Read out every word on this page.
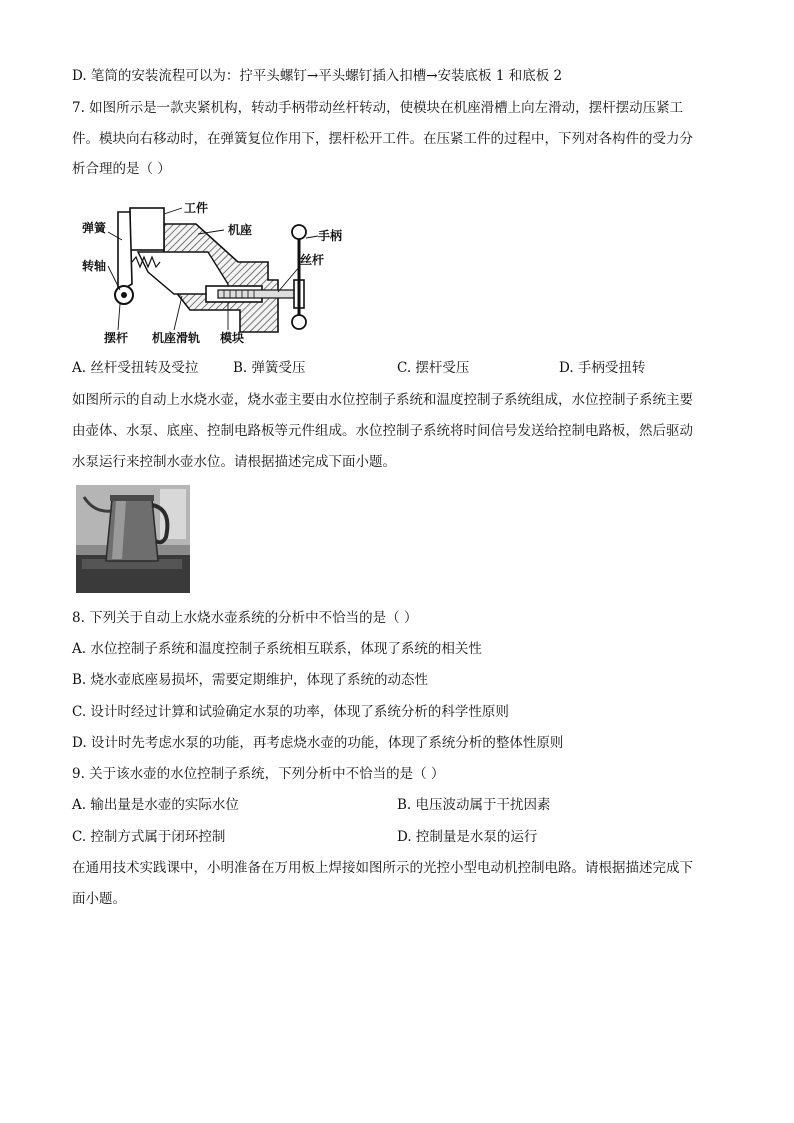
D. 笔筒的安装流程可以为：拧平头螺钉→平头螺钉插入扣槽→安装底板 1 和底板 2
7. 如图所示是一款夹紧机构，转动手柄带动丝杆转动，使模块在机座滑槽上向左滑动，摆杆摆动压紧工
件。模块向右移动时，在弹簧复位作用下，摆杆松开工件。在压紧工件的过程中，下列对各构件的受力分
析合理的是（ ）
工件
机座
弹簧
手柄
丝杆
转轴
摆杆 机座滑轨 模块
A. 丝杆受扭转及受拉	B. 弹簧受压	C. 摆杆受压	D. 手柄受扭转
如图所示的自动上水烧水壶，烧水壶主要由水位控制子系统和温度控制子系统组成，水位控制子系统主要
由壶体、水泵、底座、控制电路板等元件组成。水位控制子系统将时间信号发送给控制电路板，然后驱动
水泵运行来控制水壶水位。请根据描述完成下面小题。
8. 下列关于自动上水烧水壶系统的分析中不恰当的是（ ）
A. 水位控制子系统和温度控制子系统相互联系，体现了系统的相关性
B. 烧水壶底座易损坏，需要定期维护，体现了系统的动态性
C. 设计时经过计算和试验确定水泵的功率，体现了系统分析的科学性原则
D. 设计时先考虑水泵的功能，再考虑烧水壶的功能，体现了系统分析的整体性原则
9. 关于该水壶的水位控制子系统，下列分析中不恰当的是（ ）
A. 输出量是水壶的实际水位	B. 电压波动属于干扰因素
C. 控制方式属于闭环控制	D. 控制量是水泵的运行
在通用技术实践课中，小明准备在万用板上焊接如图所示的光控小型电动机控制电路。请根据描述完成下
面小题。
